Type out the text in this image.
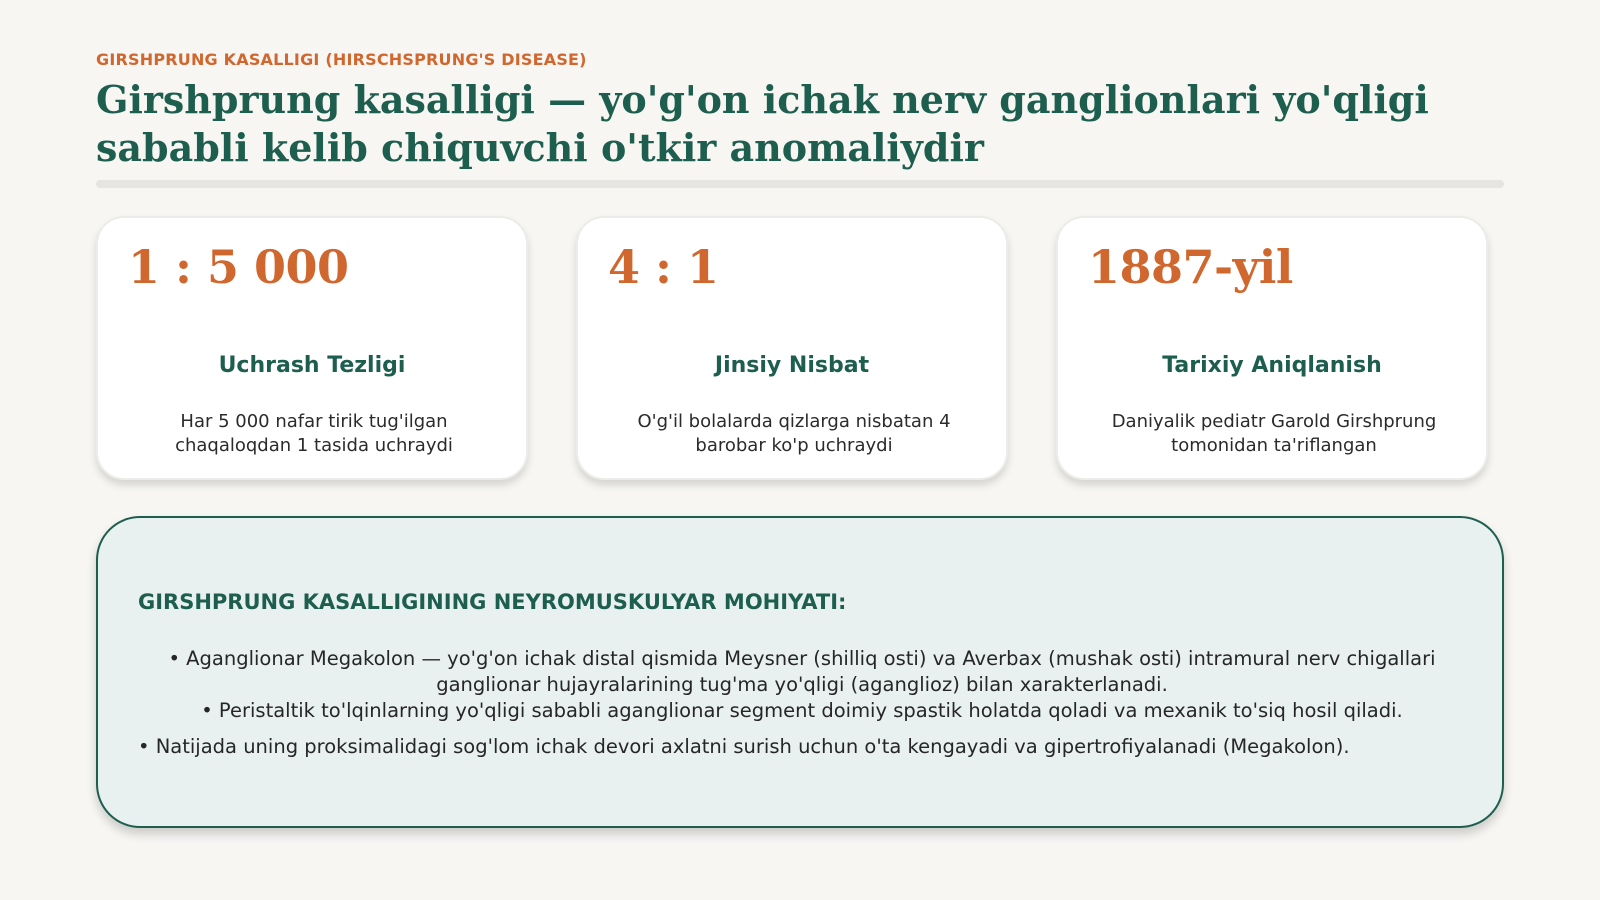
GIRSHPRUNG KASALLIGI (HIRSCHSPRUNG'S DISEASE)
Girshprung kasalligi — yo'g'on ichak nerv ganglionlari yo'qligi sababli kelib chiquvchi o'tkir anomaliydir
1 : 5 000
Uchrash Tezligi
Har 5 000 nafar tirik tug'ilgan chaqaloqdan 1 tasida uchraydi
4 : 1
Jinsiy Nisbat
O'g'il bolalarda qizlarga nisbatan 4 barobar ko'p uchraydi
1887-yil
Tarixiy Aniqlanish
Daniyalik pediatr Garold Girshprung tomonidan ta'riflangan
GIRSHPRUNG KASALLIGINING NEYROMUSKULYAR MOHIYATI:
• Aganglionar Megakolon — yo'g'on ichak distal qismida Meysner (shilliq osti) va Averbax (mushak osti) intramural nerv chigallari ganglionar hujayralarining tug'ma yo'qligi (agangliоz) bilan xarakterlanadi.
• Peristaltik to'lqinlarning yo'qligi sababli aganglionar segment doimiy spastik holatda qoladi va mexanik to'siq hosil qiladi.
• Natijada uning proksimalidagi sog'lom ichak devori axlatni surish uchun o'ta kengayadi va gipertrofiyalanadi (Megakolon).
